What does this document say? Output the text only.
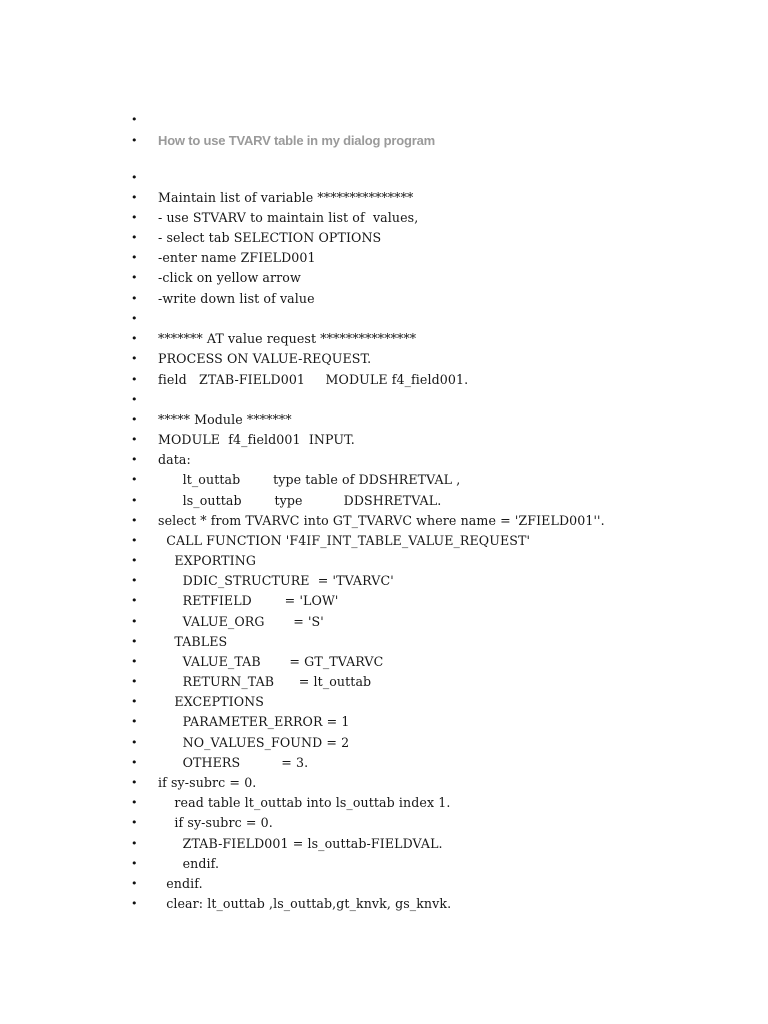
•
•
How to use TVARV table in my dialog program
•
•
Maintain list of variable ***************
•
- use STVARV to maintain list of  values,
•
- select tab SELECTION OPTIONS
•
-enter name ZFIELD001
•
-click on yellow arrow
•
-write down list of value
•
•
******* AT value request ***************
•
PROCESS ON VALUE-REQUEST.
•
field   ZTAB-FIELD001     MODULE f4_field001.
•
•
***** Module *******
•
MODULE  f4_field001  INPUT.
•
data:
•
lt_outtab        type table of DDSHRETVAL ,
•
ls_outtab        type          DDSHRETVAL.
•
select * from TVARVC into GT_TVARVC where name = 'ZFIELD001''.
•
CALL FUNCTION 'F4IF_INT_TABLE_VALUE_REQUEST'
•
EXPORTING
•
DDIC_STRUCTURE  = 'TVARVC'
•
RETFIELD        = 'LOW'
•
VALUE_ORG       = 'S'
•
TABLES
•
VALUE_TAB       = GT_TVARVC
•
RETURN_TAB      = lt_outtab
•
EXCEPTIONS
•
PARAMETER_ERROR = 1
•
NO_VALUES_FOUND = 2
•
OTHERS          = 3.
•
if sy-subrc = 0.
•
read table lt_outtab into ls_outtab index 1.
•
if sy-subrc = 0.
•
ZTAB-FIELD001 = ls_outtab-FIELDVAL.
•
endif.
•
endif.
•
clear: lt_outtab ,ls_outtab,gt_knvk, gs_knvk.
